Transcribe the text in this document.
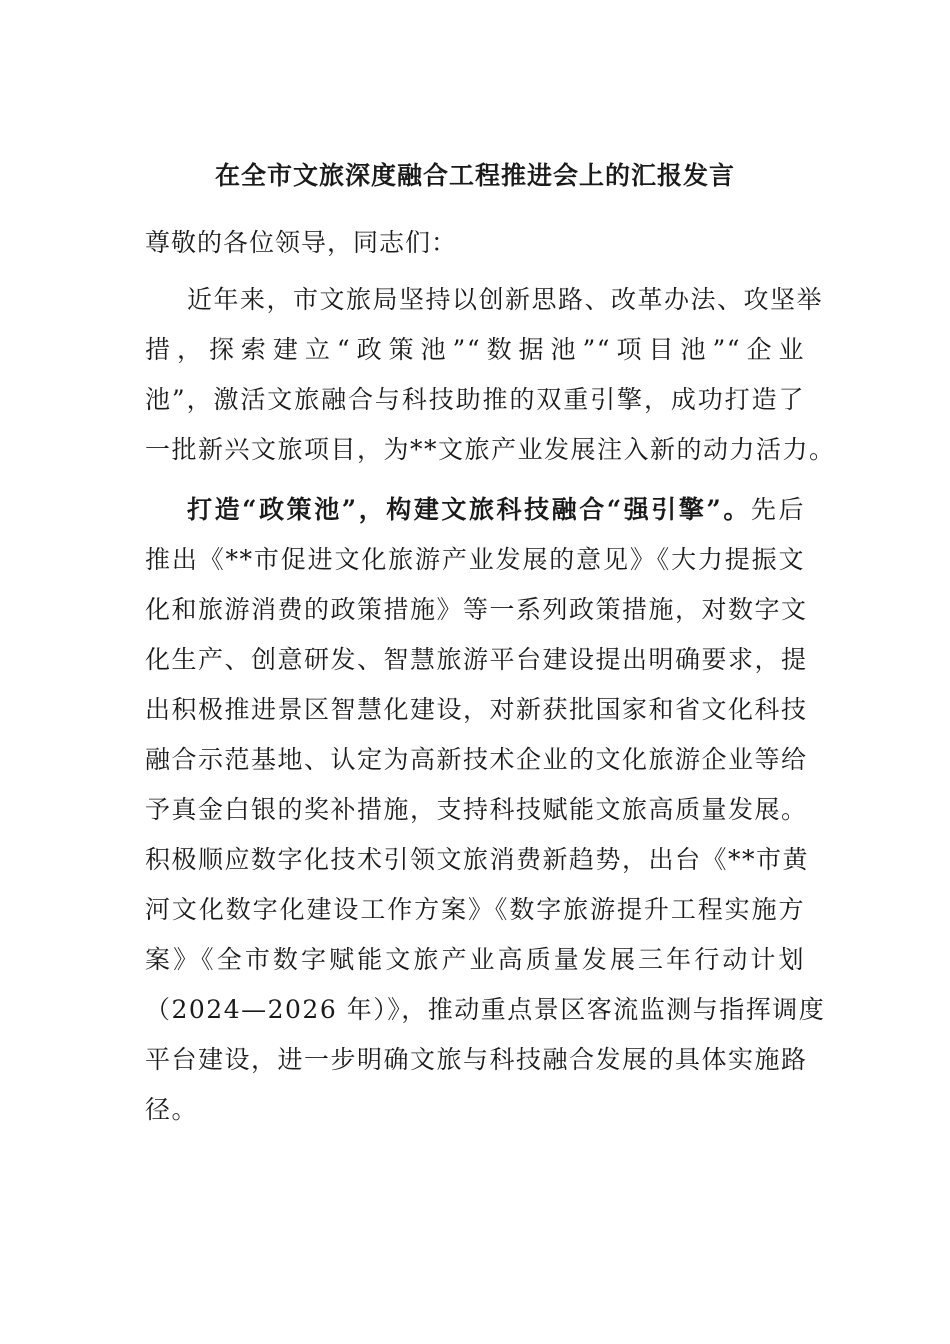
在全市文旅深度融合工程推进会上的汇报发言
尊敬的各位领导，同志们：
近年来，市文旅局坚持以创新思路、改革办法、攻坚举
措，探索建立“政策池”“数据池”“项目池”“企业
池”，激活文旅融合与科技助推的双重引擎，成功打造了
一批新兴文旅项目，为**文旅产业发展注入新的动力活力。
打造“政策池”，构建文旅科技融合“强引擎”。先后
推出《**市促进文化旅游产业发展的意见》《大力提振文
化和旅游消费的政策措施》等一系列政策措施，对数字文
化生产、创意研发、智慧旅游平台建设提出明确要求，提
出积极推进景区智慧化建设，对新获批国家和省文化科技
融合示范基地、认定为高新技术企业的文化旅游企业等给
予真金白银的奖补措施，支持科技赋能文旅高质量发展。
积极顺应数字化技术引领文旅消费新趋势，出台《**市黄
河文化数字化建设工作方案》《数字旅游提升工程实施方
案》《全市数字赋能文旅产业高质量发展三年行动计划
（2024—2026 年）》，推动重点景区客流监测与指挥调度
平台建设，进一步明确文旅与科技融合发展的具体实施路
径。
